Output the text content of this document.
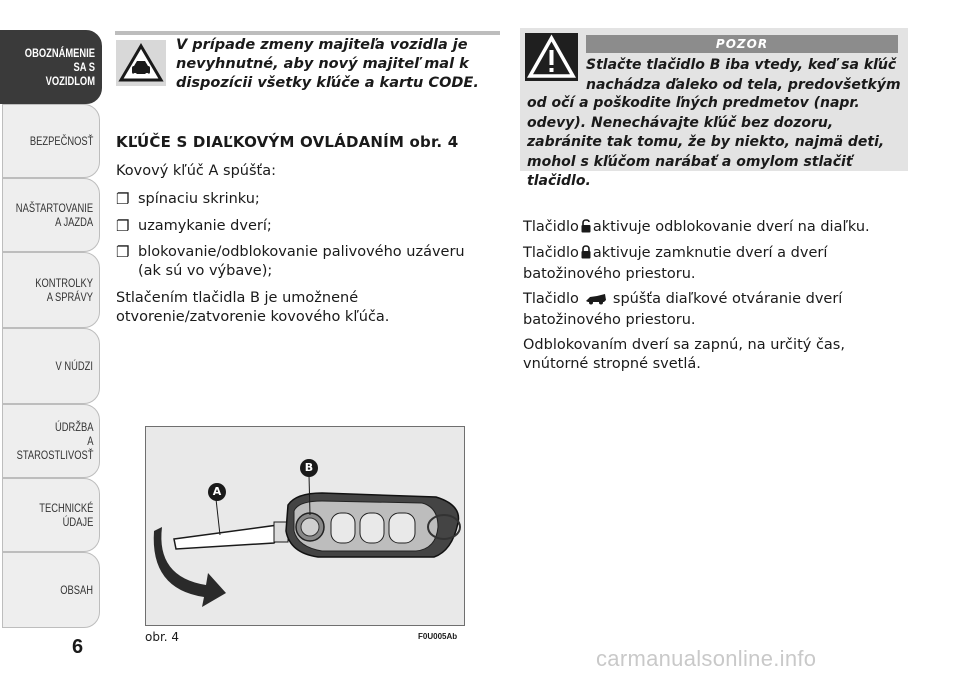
OBOZNÁMENIE
SA S VOZIDLOM
BEZPEČNOSŤ
NAŠTARTOVANIE
A JAZDA
KONTROLKY
A SPRÁVY
V NÚDZI
ÚDRŽBA
A STAROSTLIVOSŤ
TECHNICKÉ
ÚDAJE
OBSAH
6
V prípade zmeny majiteľa vozidla je nevyhnutné, aby nový majiteľ mal k dispozícii všetky kľúče a kartu CODE.
KĽÚČE S DIAĽKOVÝM OVLÁDANÍM obr. 4
Kovový kľúč A spúšťa:
❐ spínaciu skrinku;
❐ uzamykanie dverí;
❐ blokovanie/odblokovanie palivového uzáveru
(ak sú vo výbave);
Stlačením tlačidla B je umožnené otvorenie/zatvorenie kovového kľúča.
A
B
obr. 4	F0U005Ab
POZOR
Stlačte tlačidlo B iba vtedy, keď sa kľúč nachádza ďaleko od tela, predovšetkým
od očí a poškodite ľných predmetov (napr. odevy). Nenechávajte kľúč bez dozoru, zabránite tak tomu, že by niekto, najmä deti, mohol s kľúčom narábať a omylom stlačiť tlačidlo.
Tlačidlo aktivuje odblokovanie dverí na diaľku.
Tlačidlo aktivuje zamknutie dverí a dverí batožinového priestoru.
Tlačidlo spúšťa diaľkové otváranie dverí batožinového priestoru.
Odblokovaním dverí sa zapnú, na určitý čas, vnútorné stropné svetlá.
carmanualsonline.info
